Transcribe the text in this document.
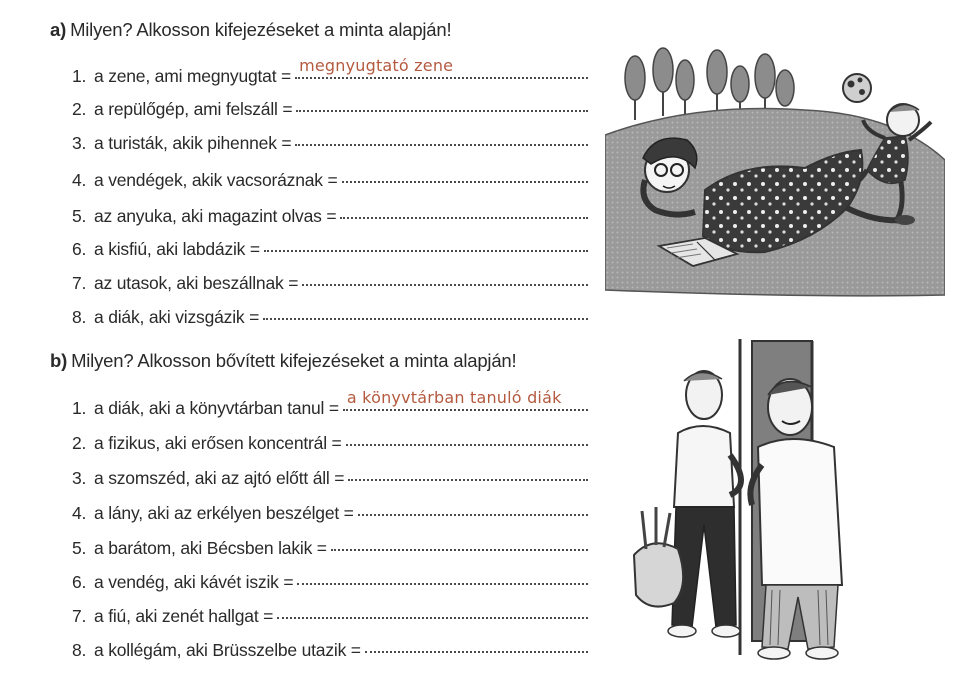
a) Milyen? Alkosson kifejezéseket a minta alapján!
1. a zene, ami megnyugtat =
megnyugtató zene
2. a repülőgép, ami felszáll =
3. a turisták, akik pihennek =
4. a vendégek, akik vacsoráznak =
5. az anyuka, aki magazint olvas =
6. a kisfiú, aki labdázik =
7. az utasok, aki beszállnak =
8. a diák, aki vizsgázik =
b) Milyen? Alkosson bővített kifejezéseket a minta alapján!
1. a diák, aki a könyvtárban tanul =
a könyvtárban tanuló diák
2. a fizikus, aki erősen koncentrál =
3. a szomszéd, aki az ajtó előtt áll =
4. a lány, aki az erkélyen beszélget =
5. a barátom, aki Bécsben lakik =
6. a vendég, aki kávét iszik =
7. a fiú, aki zenét hallgat =
8. a kollégám, aki Brüsszelbe utazik =
